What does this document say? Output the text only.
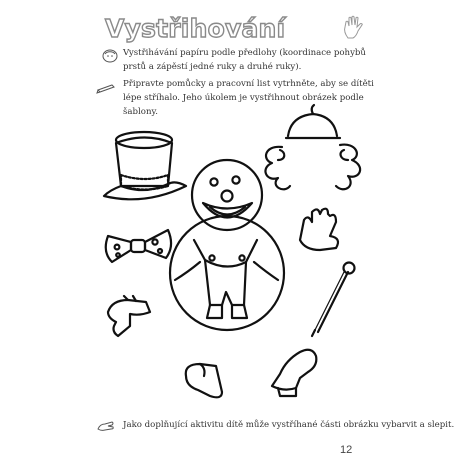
Vystřihování
Vystřihávání papíru podle předlohy (koordinace pohybů prstů a zápěstí jedné ruky a druhé ruky).
Připravte pomůcky a pracovní list vytrhněte, aby se dítěti lépe stříhalo. Jeho úkolem je vystřihnout obrázek podle šablony.
Jako doplňující aktivitu dítě může vystříhané části obrázku vybarvit a slepit.
12
